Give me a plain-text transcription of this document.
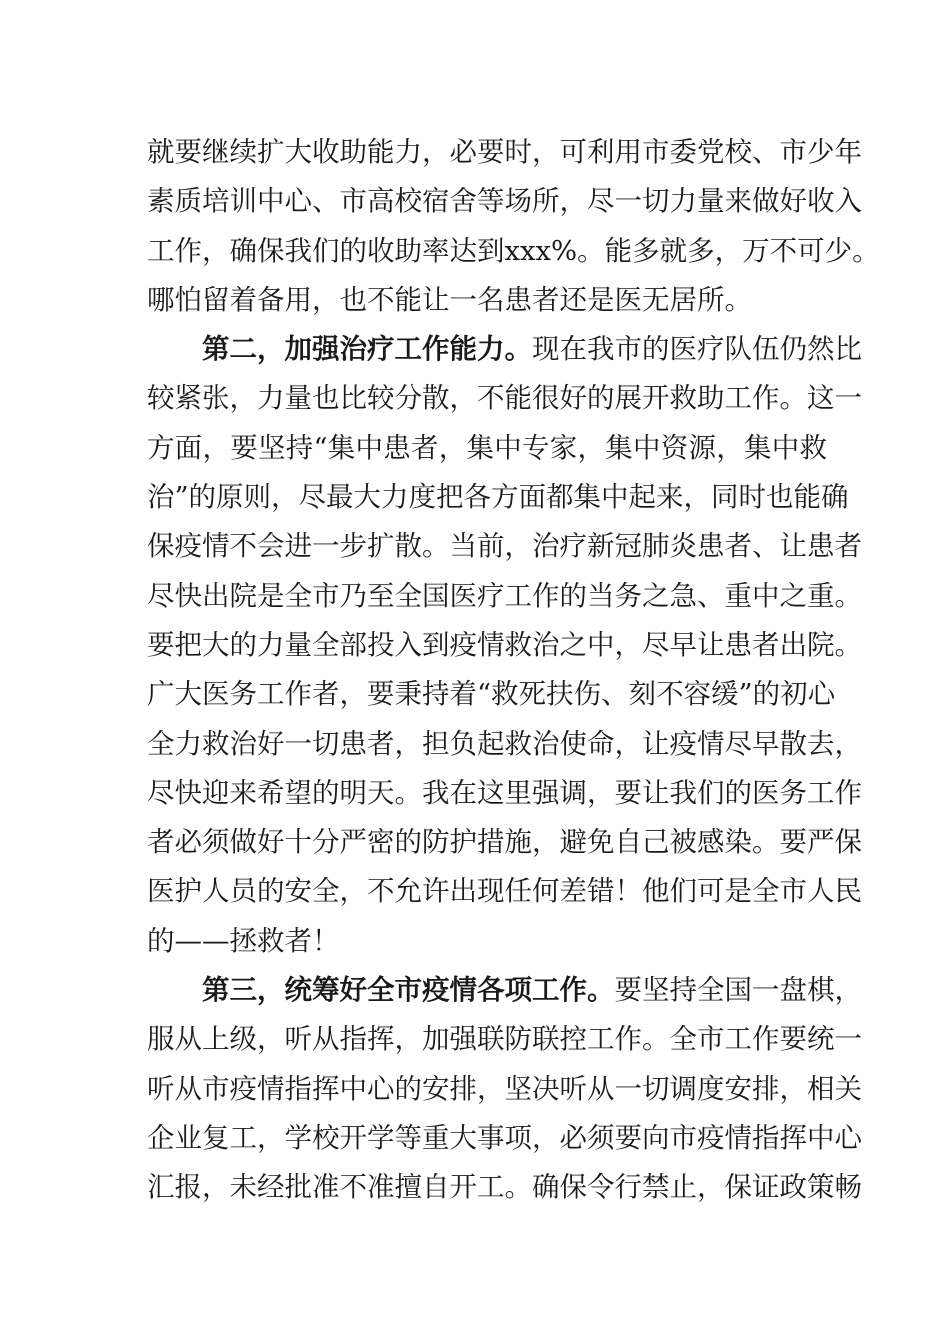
就要继续扩大收助能力，必要时，可利用市委党校、市少年
素质培训中心、市高校宿舍等场所，尽一切力量来做好收入
工作，确保我们的收助率达到xxx%。能多就多，万不可少。
哪怕留着备用，也不能让一名患者还是医无居所。
第二，加强治疗工作能力。现在我市的医疗队伍仍然比
较紧张，力量也比较分散，不能很好的展开救助工作。这一
方面，要坚持“集中患者，集中专家，集中资源，集中救
治”的原则，尽最大力度把各方面都集中起来，同时也能确
保疫情不会进一步扩散。当前，治疗新冠肺炎患者、让患者
尽快出院是全市乃至全国医疗工作的当务之急、重中之重。
要把大的力量全部投入到疫情救治之中，尽早让患者出院。
广大医务工作者，要秉持着“救死扶伤、刻不容缓”的初心
全力救治好一切患者，担负起救治使命，让疫情尽早散去，
尽快迎来希望的明天。我在这里强调，要让我们的医务工作
者必须做好十分严密的防护措施，避免自己被感染。要严保
医护人员的安全，不允许出现任何差错！他们可是全市人民
的——拯救者！
第三，统筹好全市疫情各项工作。要坚持全国一盘棋，
服从上级，听从指挥，加强联防联控工作。全市工作要统一
听从市疫情指挥中心的安排，坚决听从一切调度安排，相关
企业复工，学校开学等重大事项，必须要向市疫情指挥中心
汇报，未经批准不准擅自开工。确保令行禁止，保证政策畅
